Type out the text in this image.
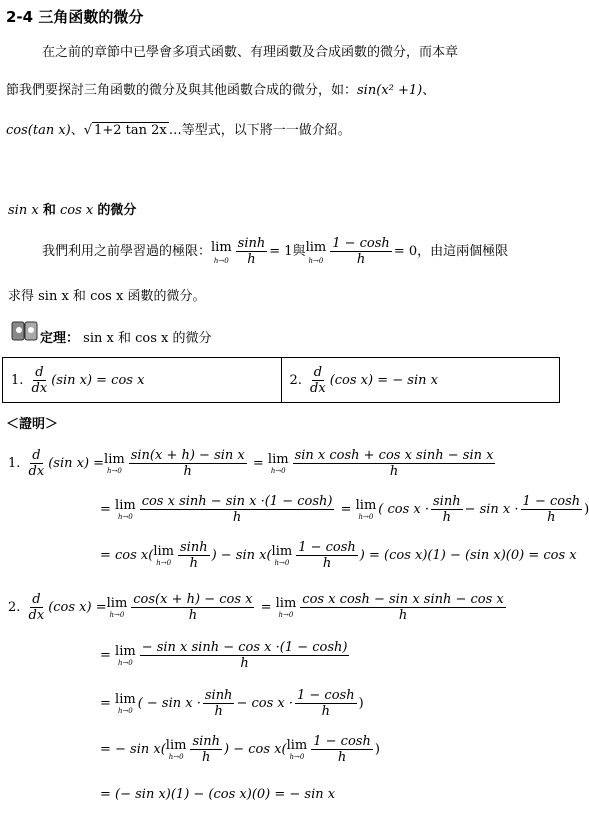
2-4 三角函數的微分
在之前的章節中已學會多項式函數、有理函數及合成函數的微分，而本章
節我們要探討三角函數的微分及與其他函數合成的微分，如：sin(x² +1)、
cos(tan x)、√ 1+2 tan 2x …等型式，以下將一一做介紹。
sin x 和 cos x 的微分
我們利用之前學習過的極限： lim
$h\to 0 \frac{\sinh}{h} = 1$ 與 lim
$h\to 0 \frac{1 - \cosh}{h} = 0$ ，由這兩個極限
求得 sin x 和 cos x 函數的微分。
定理： sin x 和 cos x 的微分
1.
$\frac{d}{dx} (\sin$ x) = cos x	2.
$\frac{d}{dx} (\cos$ x) = − sin x
＜證明＞
1.
$\frac{d}{dx} (\sin$ x) = lim
$h\to 0 \frac{\text{sin(x + h) − sin x}}{h} = \lim$
$h\to 0 \frac{\text{sin x cosh + cos x sinh − sin x}}{h}$
= lim
$h\to 0 \frac{\text{cos x sinh − sin x ·(1 − cosh)}}{h} = \lim$
h→0 ( $\cos x \cdot \frac{\sinh}{h} - \sin x \cdot \frac{1 - \cosh}{h}$ )
= cos x( lim
$h\to 0 \frac{\sinh}{h}$ ) − sin x( lim
$h\to 0 \frac{1 - \cosh}{h}$ ) = (cos x)(1) − (sin x)(0) = cos x
2.
$\frac{d}{dx} (\cos$ x) = lim
$h\to 0 \frac{\text{cos(x + h) − cos x}}{h} = \lim$
$h\to 0 \frac{\text{cos x cosh − sin x sinh − cos x}}{h}$
= lim
$h\to 0 \frac{\text{− sin x sinh − cos x ·(1 − cosh)}}{h}$
= lim
h→0 ( − $\sin x \cdot \frac{\sinh}{h} - \cos x \cdot \frac{1 - \cosh}{h}$ )
= − sin x( lim
$h\to 0 \frac{\sinh}{h}$ ) − cos x( lim
$h\to 0 \frac{1 - \cosh}{h}$ )
= (− sin x)(1) − (cos x)(0) = − sin x
